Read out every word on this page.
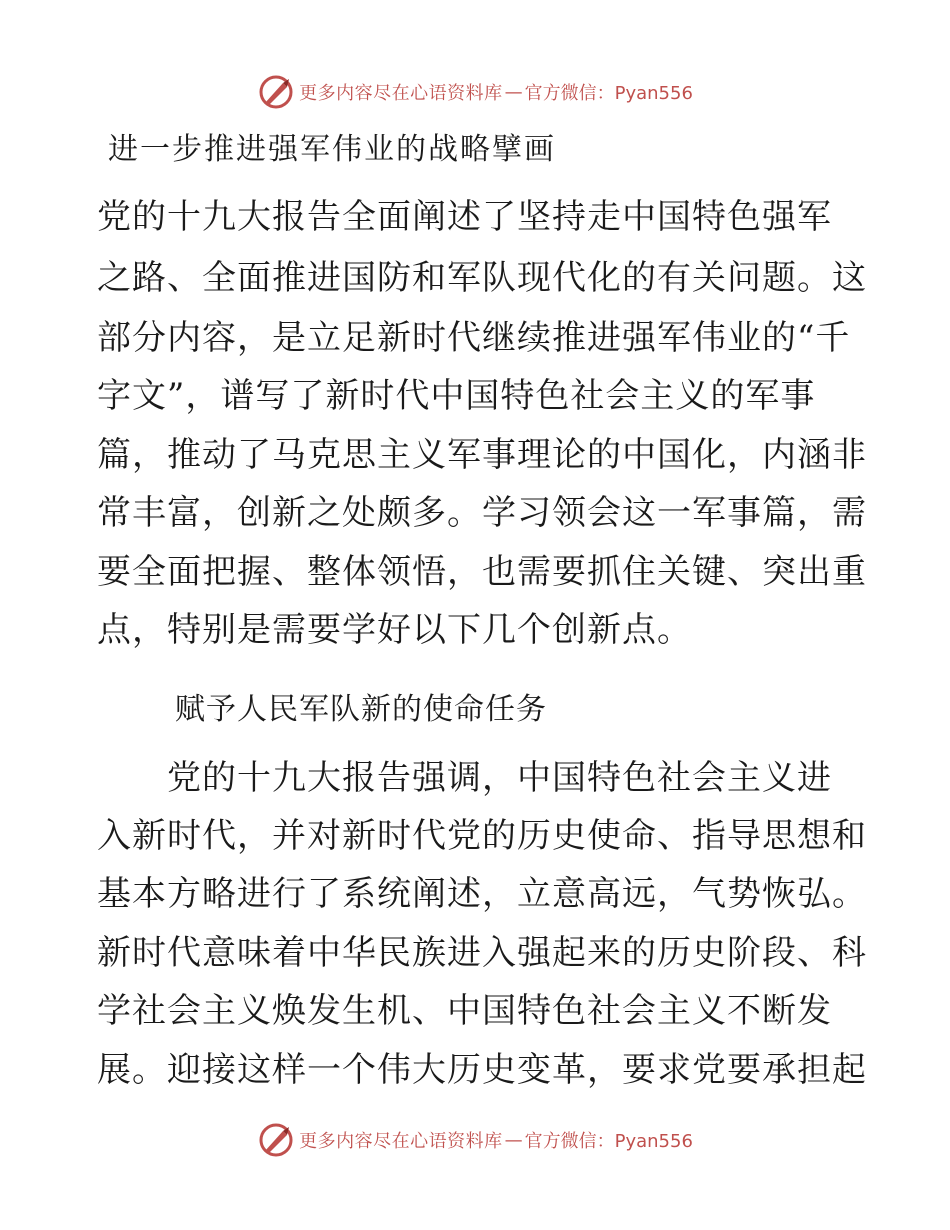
更多内容尽在心语资料库 — 官方微信：Pyan556
进一步推进强军伟业的战略擘画

党的十九大报告全面阐述了坚持走中国特色强军

之路、全面推进国防和军队现代化的有关问题。这

部分内容，是立足新时代继续推进强军伟业的“千

字文”，谱写了新时代中国特色社会主义的军事

篇，推动了马克思主义军事理论的中国化，内涵非

常丰富，创新之处颇多。学习领会这一军事篇，需

要全面把握、整体领悟，也需要抓住关键、突出重

点，特别是需要学好以下几个创新点。

赋予人民军队新的使命任务

　　党的十九大报告强调，中国特色社会主义进

入新时代，并对新时代党的历史使命、指导思想和

基本方略进行了系统阐述，立意高远，气势恢弘。

新时代意味着中华民族进入强起来的历史阶段、科

学社会主义焕发生机、中国特色社会主义不断发

展。迎接这样一个伟大历史变革，要求党要承担起

更多内容尽在心语资料库 — 官方微信：Pyan556
